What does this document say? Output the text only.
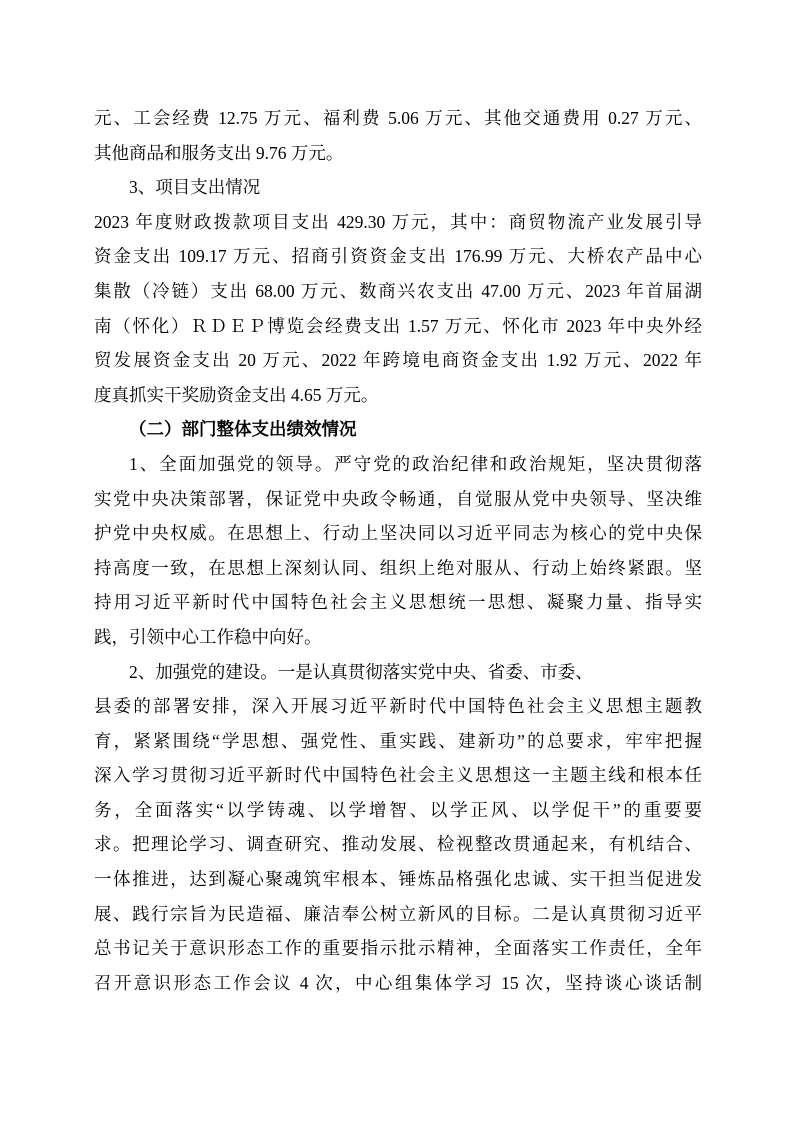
元、工会经费 12.75 万元、福利费 5.06 万元、其他交通费用 0.27 万元、
其他商品和服务支出 9.76 万元。
3、项目支出情况
2023 年度财政拨款项目支出 429.30 万元，其中：商贸物流产业发展引导
资金支出 109.17 万元、招商引资资金支出 176.99 万元、大桥农产品中心
集散（冷链）支出 68.00 万元、数商兴农支出 47.00 万元、2023 年首届湖
南（怀化）ＲＤＥＰ博览会经费支出 1.57 万元、怀化市 2023 年中央外经
贸发展资金支出 20 万元、2022 年跨境电商资金支出 1.92 万元、2022 年
度真抓实干奖励资金支出 4.65 万元。
（二）部门整体支出绩效情况
1、全面加强党的领导。严守党的政治纪律和政治规矩，坚决贯彻落
实党中央决策部署，保证党中央政令畅通，自觉服从党中央领导、坚决维
护党中央权威。在思想上、行动上坚决同以习近平同志为核心的党中央保
持高度一致，在思想上深刻认同、组织上绝对服从、行动上始终紧跟。坚
持用习近平新时代中国特色社会主义思想统一思想、凝聚力量、指导实
践，引领中心工作稳中向好。
2、加强党的建设。一是认真贯彻落实党中央、省委、市委、
县委的部署安排，深入开展习近平新时代中国特色社会主义思想主题教
育，紧紧围绕“学思想、强党性、重实践、建新功”的总要求，牢牢把握
深入学习贯彻习近平新时代中国特色社会主义思想这一主题主线和根本任
务，全面落实“以学铸魂、以学增智、以学正风、以学促干”的重要要
求。把理论学习、调查研究、推动发展、检视整改贯通起来，有机结合、
一体推进，达到凝心聚魂筑牢根本、锤炼品格强化忠诚、实干担当促进发
展、践行宗旨为民造福、廉洁奉公树立新风的目标。二是认真贯彻习近平
总书记关于意识形态工作的重要指示批示精神，全面落实工作责任，全年
召开意识形态工作会议 4 次，中心组集体学习 15 次，坚持谈心谈话制
